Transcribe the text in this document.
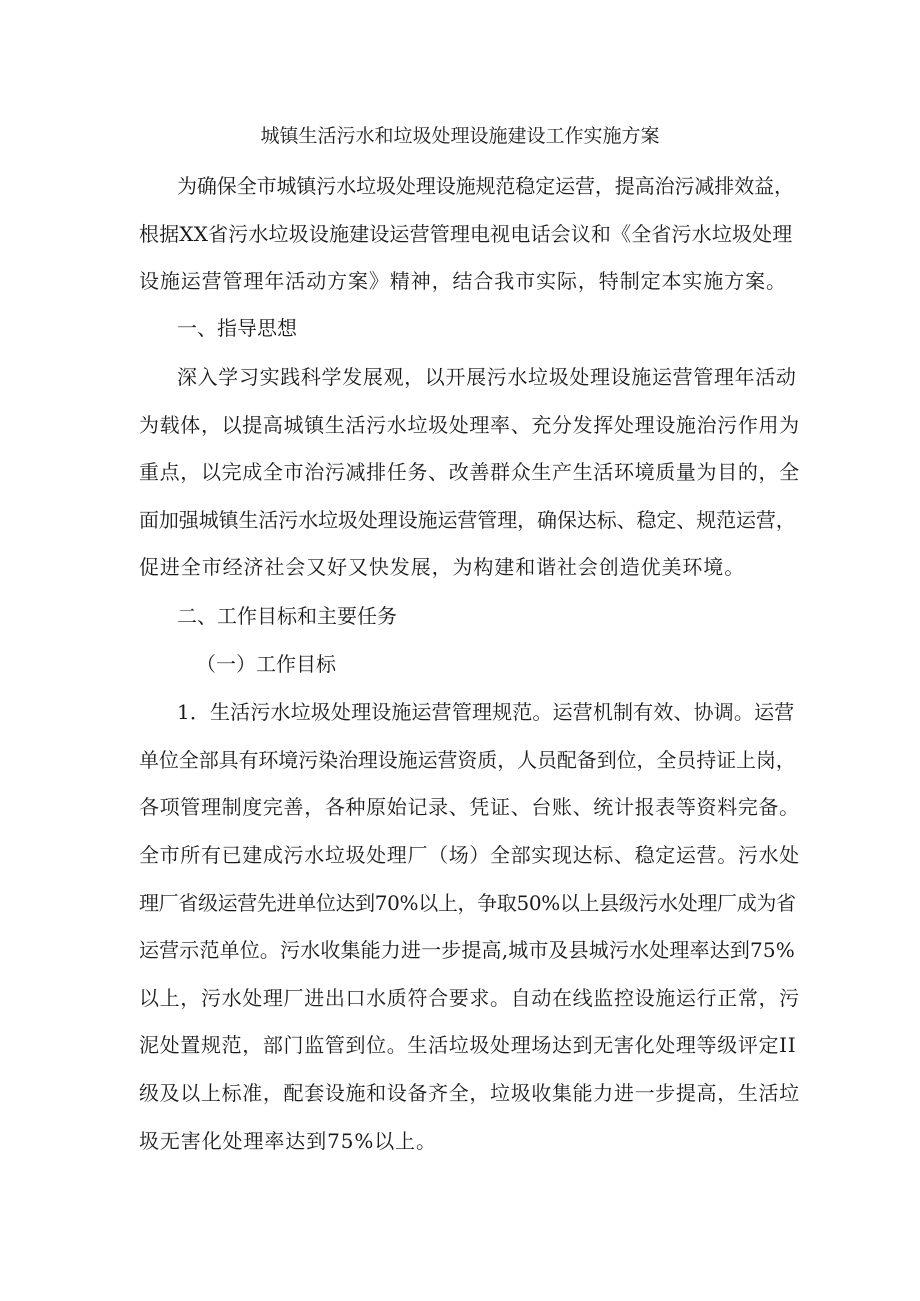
城镇生活污水和垃圾处理设施建设工作实施方案
为确保全市城镇污水垃圾处理设施规范稳定运营，提高治污减排效益，
根据XX省污水垃圾设施建设运营管理电视电话会议和《全省污水垃圾处理
设施运营管理年活动方案》精神，结合我市实际，特制定本实施方案。
一、指导思想
深入学习实践科学发展观，以开展污水垃圾处理设施运营管理年活动
为载体，以提高城镇生活污水垃圾处理率、充分发挥处理设施治污作用为
重点，以完成全市治污减排任务、改善群众生产生活环境质量为目的，全
面加强城镇生活污水垃圾处理设施运营管理，确保达标、稳定、规范运营，
促进全市经济社会又好又快发展，为构建和谐社会创造优美环境。
二、工作目标和主要任务
（一）工作目标
1．生活污水垃圾处理设施运营管理规范。运营机制有效、协调。运营
单位全部具有环境污染治理设施运营资质，人员配备到位，全员持证上岗，
各项管理制度完善，各种原始记录、凭证、台账、统计报表等资料完备。
全市所有已建成污水垃圾处理厂（场）全部实现达标、稳定运营。污水处
理厂省级运营先进单位达到70%以上，争取50%以上县级污水处理厂成为省
运营示范单位。污水收集能力进一步提高,城市及县城污水处理率达到75%
以上，污水处理厂进出口水质符合要求。自动在线监控设施运行正常，污
泥处置规范，部门监管到位。生活垃圾处理场达到无害化处理等级评定II
级及以上标准，配套设施和设备齐全，垃圾收集能力进一步提高，生活垃
圾无害化处理率达到75%以上。
